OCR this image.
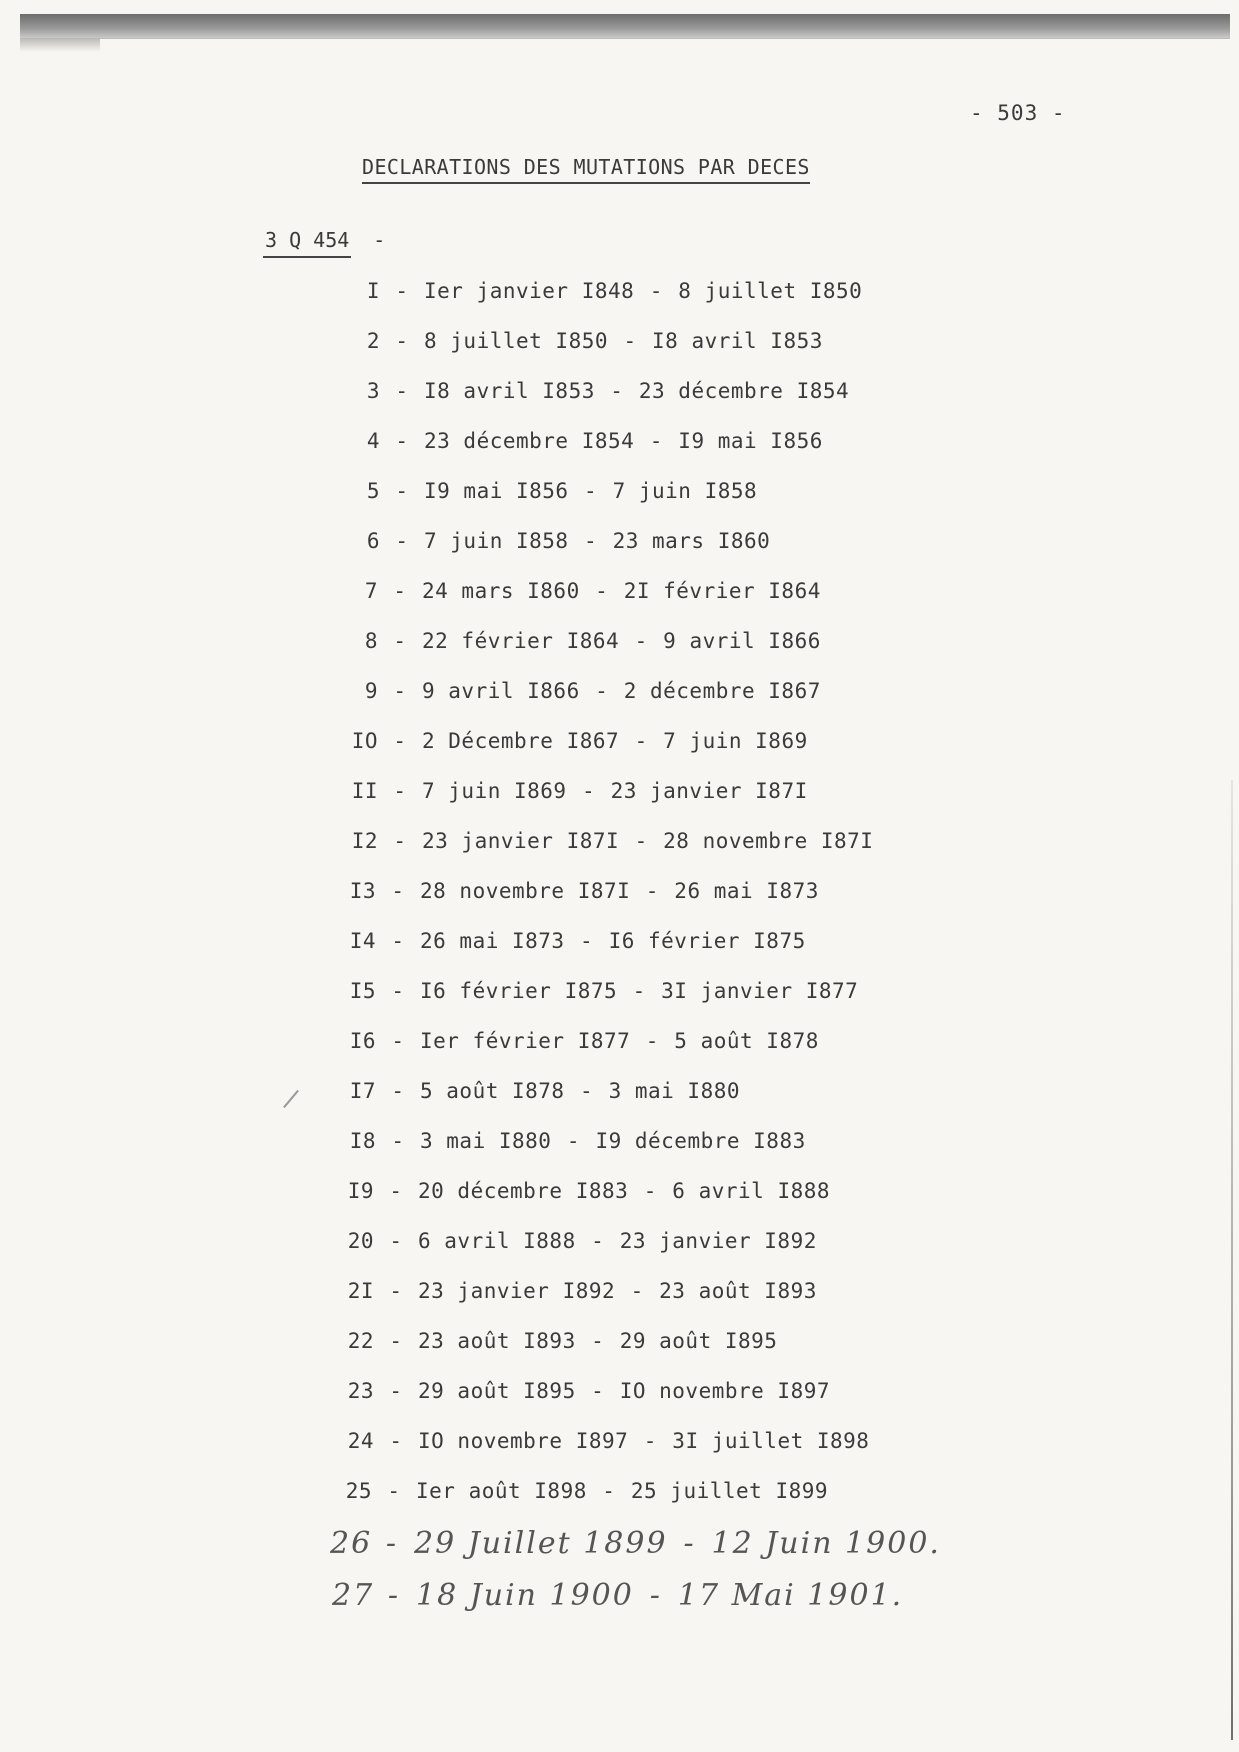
- 503 -
DECLARATIONS DES MUTATIONS PAR DECES
3 Q 454 -
I - Ier janvier I848 - 8 juillet I850
2 - 8 juillet I850 - I8 avril I853
3 - I8 avril I853 - 23 décembre I854
4 - 23 décembre I854 - I9 mai I856
5 - I9 mai I856 - 7 juin I858
6 - 7 juin I858 - 23 mars I860
7 - 24 mars I860 - 2I février I864
8 - 22 février I864 - 9 avril I866
9 - 9 avril I866 - 2 décembre I867
IO - 2 Décembre I867 - 7 juin I869
II - 7 juin I869 - 23 janvier I87I
I2 - 23 janvier I87I - 28 novembre I87I
I3 - 28 novembre I87I - 26 mai I873
I4 - 26 mai I873 - I6 février I875
I5 - I6 février I875 - 3I janvier I877
I6 - Ier février I877 - 5 août I878
I7 - 5 août I878 - 3 mai I880
I8 - 3 mai I880 - I9 décembre I883
I9 - 20 décembre I883 - 6 avril I888
20 - 6 avril I888 - 23 janvier I892
2I - 23 janvier I892 - 23 août I893
22 - 23 août I893 - 29 août I895
23 - 29 août I895 - IO novembre I897
24 - IO novembre I897 - 3I juillet I898
25 - Ier août I898 - 25 juillet I899
26 - 29 Juillet 1899 - 12 Juin 1900.
27 - 18 Juin 1900 - 17 Mai 1901.
